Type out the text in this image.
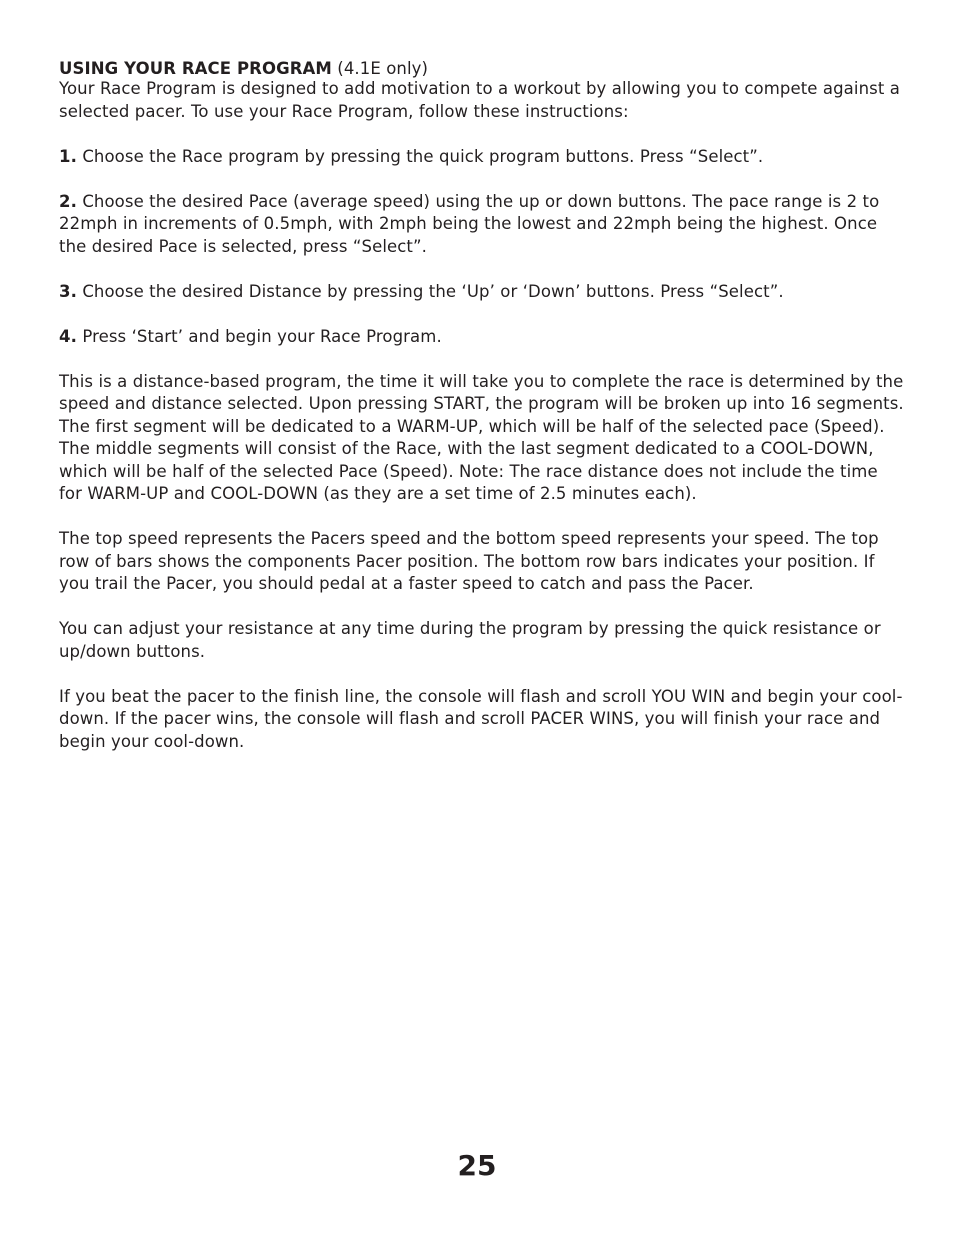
USING YOUR RACE PROGRAM (4.1E only)

Your Race Program is designed to add motivation to a workout by allowing you to compete against a selected pacer. To use your Race Program, follow these instructions:

1. Choose the Race program by pressing the quick program buttons. Press “Select”.

2. Choose the desired Pace (average speed) using the up or down buttons. The pace range is 2 to 22mph in increments of 0.5mph, with 2mph being the lowest and 22mph being the highest. Once the desired Pace is selected, press “Select”.

3. Choose the desired Distance by pressing the ‘Up’ or ‘Down’ buttons. Press “Select”.

4. Press ‘Start’ and begin your Race Program.

This is a distance-based program, the time it will take you to complete the race is determined by the speed and distance selected. Upon pressing START, the program will be broken up into 16 segments. The first segment will be dedicated to a WARM-UP, which will be half of the selected pace (Speed). The middle segments will consist of the Race, with the last segment dedicated to a COOL-DOWN, which will be half of the selected Pace (Speed). Note: The race distance does not include the time for WARM-UP and COOL-DOWN (as they are a set time of 2.5 minutes each).

The top speed represents the Pacers speed and the bottom speed represents your speed. The top row of bars shows the components Pacer position. The bottom row bars indicates your position. If you trail the Pacer, you should pedal at a faster speed to catch and pass the Pacer.

You can adjust your resistance at any time during the program by pressing the quick resistance or up/down buttons.

If you beat the pacer to the finish line, the console will flash and scroll YOU WIN and begin your cool-down. If the pacer wins, the console will flash and scroll PACER WINS, you will finish your race and begin your cool-down.

25
